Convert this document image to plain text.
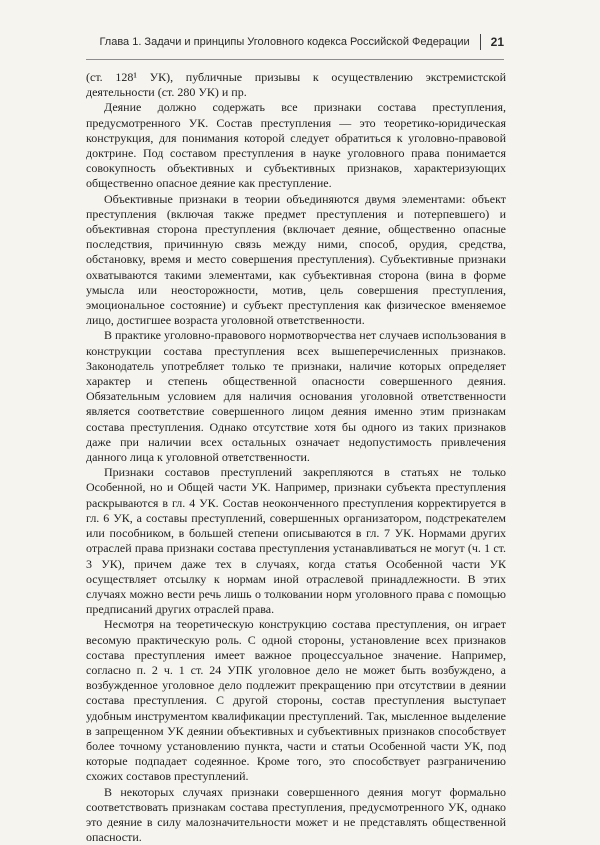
Глава 1. Задачи и принципы Уголовного кодекса Российской Федерации 21

(ст. 128¹ УК), публичные призывы к осуществлению экстремистской деятельности (ст. 280 УК) и пр.

Деяние должно содержать все признаки состава преступления, предусмотренного УК. Состав преступления — это теоретико-юридическая конструкция, для понимания которой следует обратиться к уголовно-правовой доктрине. Под составом преступления в науке уголовного права понимается совокупность объективных и субъективных признаков, характеризующих общественно опасное деяние как преступление.

Объективные признаки в теории объединяются двумя элементами: объект преступления (включая также предмет преступления и потерпевшего) и объективная сторона преступления (включает деяние, общественно опасные последствия, причинную связь между ними, способ, орудия, средства, обстановку, время и место совершения преступления). Субъективные признаки охватываются такими элементами, как субъективная сторона (вина в форме умысла или неосторожности, мотив, цель совершения преступления, эмоциональное состояние) и субъект преступления как физическое вменяемое лицо, достигшее возраста уголовной ответственности.

В практике уголовно-правового нормотворчества нет случаев использования в конструкции состава преступления всех вышеперечисленных признаков. Законодатель употребляет только те признаки, наличие которых определяет характер и степень общественной опасности совершенного деяния. Обязательным условием для наличия основания уголовной ответственности является соответствие совершенного лицом деяния именно этим признакам состава преступления. Однако отсутствие хотя бы одного из таких признаков даже при наличии всех остальных означает недопустимость привлечения данного лица к уголовной ответственности.

Признаки составов преступлений закрепляются в статьях не только Особенной, но и Общей части УК. Например, признаки субъекта преступления раскрываются в гл. 4 УК. Состав неоконченного преступления корректируется в гл. 6 УК, а составы преступлений, совершенных организатором, подстрекателем или пособником, в большей степени описываются в гл. 7 УК. Нормами других отраслей права признаки состава преступления устанавливаться не могут (ч. 1 ст. 3 УК), причем даже тех в случаях, когда статья Особенной части УК осуществляет отсылку к нормам иной отраслевой принадлежности. В этих случаях можно вести речь лишь о толковании норм уголовного права с помощью предписаний других отраслей права.

Несмотря на теоретическую конструкцию состава преступления, он играет весомую практическую роль. С одной стороны, установление всех признаков состава преступления имеет важное процессуальное значение. Например, согласно п. 2 ч. 1 ст. 24 УПК уголовное дело не может быть возбуждено, а возбужденное уголовное дело подлежит прекращению при отсутствии в деянии состава преступления. С другой стороны, состав преступления выступает удобным инструментом квалификации преступлений. Так, мысленное выделение в запрещенном УК деянии объективных и субъективных признаков способствует более точному установлению пункта, части и статьи Особенной части УК, под которые подпадает содеянное. Кроме того, это способствует разграничению схожих составов преступлений.

В некоторых случаях признаки совершенного деяния могут формально соответствовать признакам состава преступления, предусмотренного УК, однако это деяние в силу малозначительности может и не представлять общественной опасности.
